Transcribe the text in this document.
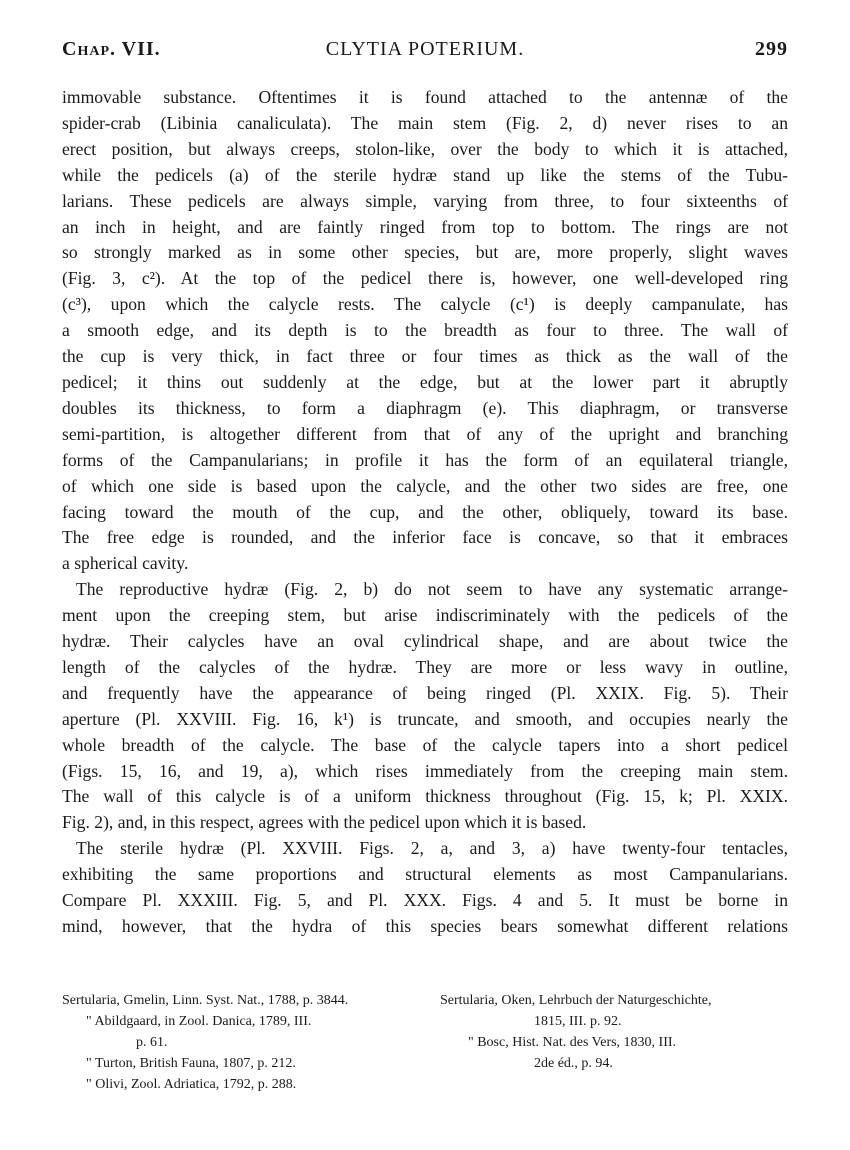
Chap. VII.	CLYTIA POTERIUM.	299
immovable substance. Oftentimes it is found attached to the antennæ of the
spider-crab (Libinia canaliculata). The main stem (Fig. 2, d) never rises to an
erect position, but always creeps, stolon-like, over the body to which it is attached,
while the pedicels (a) of the sterile hydræ stand up like the stems of the Tubu-
larians. These pedicels are always simple, varying from three, to four sixteenths of
an inch in height, and are faintly ringed from top to bottom. The rings are not
so strongly marked as in some other species, but are, more properly, slight waves
(Fig. 3, c²). At the top of the pedicel there is, however, one well-developed ring
(c³), upon which the calycle rests. The calycle (c¹) is deeply campanulate, has
a smooth edge, and its depth is to the breadth as four to three. The wall of
the cup is very thick, in fact three or four times as thick as the wall of the
pedicel; it thins out suddenly at the edge, but at the lower part it abruptly
doubles its thickness, to form a diaphragm (e). This diaphragm, or transverse
semi-partition, is altogether different from that of any of the upright and branching
forms of the Campanularians; in profile it has the form of an equilateral triangle,
of which one side is based upon the calycle, and the other two sides are free, one
facing toward the mouth of the cup, and the other, obliquely, toward its base.
The free edge is rounded, and the inferior face is concave, so that it embraces
a spherical cavity.
The reproductive hydræ (Fig. 2, b) do not seem to have any systematic arrange-
ment upon the creeping stem, but arise indiscriminately with the pedicels of the
hydræ. Their calycles have an oval cylindrical shape, and are about twice the
length of the calycles of the hydræ. They are more or less wavy in outline,
and frequently have the appearance of being ringed (Pl. XXIX. Fig. 5). Their
aperture (Pl. XXVIII. Fig. 16, k¹) is truncate, and smooth, and occupies nearly the
whole breadth of the calycle. The base of the calycle tapers into a short pedicel
(Figs. 15, 16, and 19, a), which rises immediately from the creeping main stem.
The wall of this calycle is of a uniform thickness throughout (Fig. 15, k; Pl. XXIX.
Fig. 2), and, in this respect, agrees with the pedicel upon which it is based.
The sterile hydræ (Pl. XXVIII. Figs. 2, a, and 3, a) have twenty-four tentacles,
exhibiting the same proportions and structural elements as most Campanularians.
Compare Pl. XXXIII. Fig. 5, and Pl. XXX. Figs. 4 and 5. It must be borne in
mind, however, that the hydra of this species bears somewhat different relations
Sertularia, Gmelin, Linn. Syst. Nat., 1788, p. 3844.
" Abildgaard, in Zool. Danica, 1789, III.
p. 61.
" Turton, British Fauna, 1807, p. 212.
" Olivi, Zool. Adriatica, 1792, p. 288.
Sertularia, Oken, Lehrbuch der Naturgeschichte,
1815, III. p. 92.
" Bosc, Hist. Nat. des Vers, 1830, III.
2de éd., p. 94.
